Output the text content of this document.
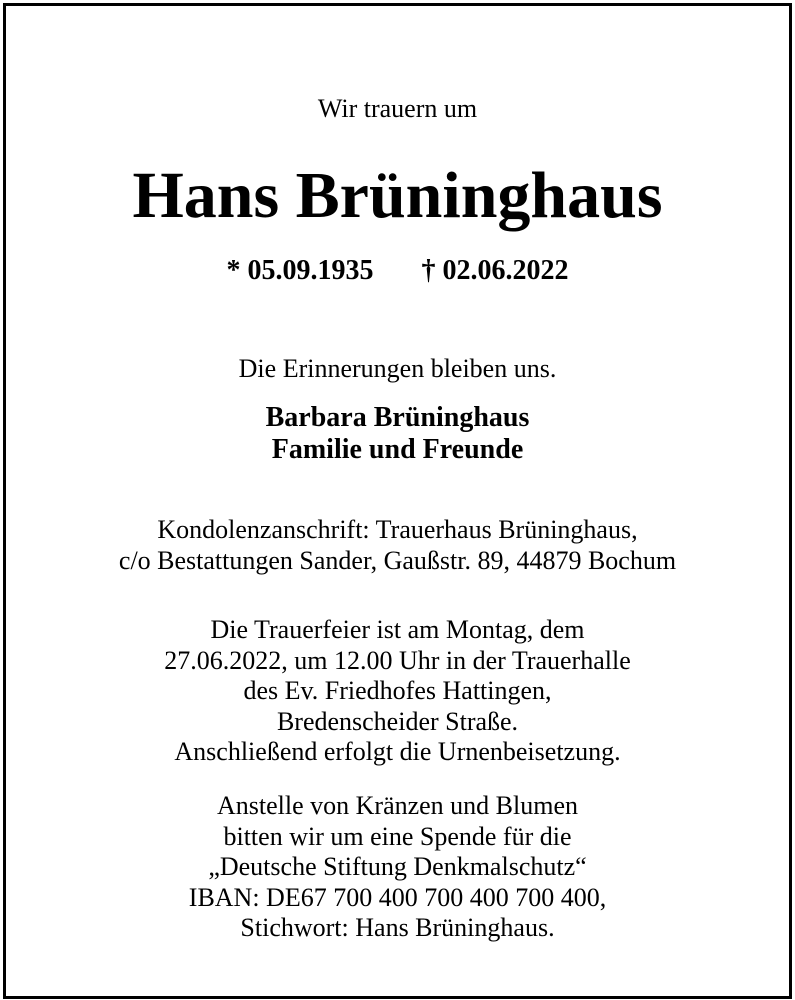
Wir trauern um
Hans Brüninghaus
* 05.09.1935 † 02.06.2022
Die Erinnerungen bleiben uns.
Barbara Brüninghaus
Familie und Freunde
Kondolenzanschrift: Trauerhaus Brüninghaus,
c/o Bestattungen Sander, Gaußstr. 89, 44879 Bochum
Die Trauerfeier ist am Montag, dem
27.06.2022, um 12.00 Uhr in der Trauerhalle
des Ev. Friedhofes Hattingen,
Bredenscheider Straße.
Anschließend erfolgt die Urnenbeisetzung.
Anstelle von Kränzen und Blumen
bitten wir um eine Spende für die
„Deutsche Stiftung Denkmalschutz“
IBAN: DE67 700 400 700 400 700 400,
Stichwort: Hans Brüninghaus.
